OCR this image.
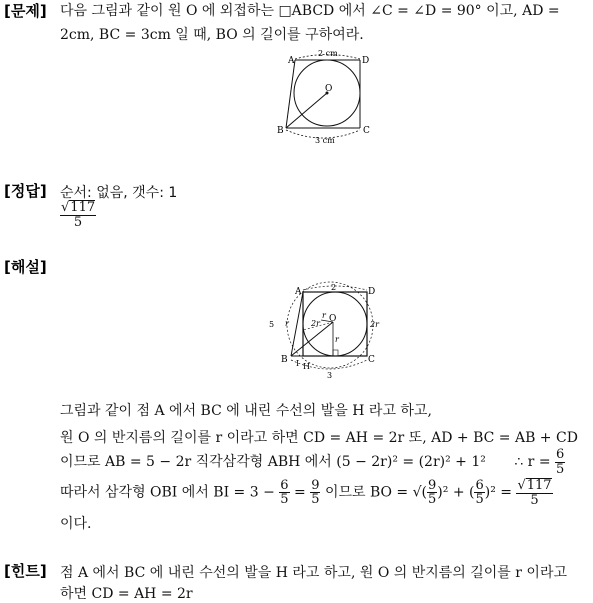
[문제] 다음 그림과 같이 원 O 에 외접하는 □ABCD 에서 ∠C = ∠D = 90° 이고, AD =
2cm, BC = 3cm 일 때, BO 의 길이를 구하여라.
A	D
B	C
O
2 cm
3 cm
[정답] 순서: 없음, 갯수: 1
$\frac{√117}{5}$
[해설]
A	D
B	C
O
H
I
2
3
5	2r	2r
r
r
r
그림과 같이 점 A 에서 BC 에 내린 수선의 발을 H 라고 하고,
원 O 의 반지름의 길이를 r 이라고 하면 CD = AH = 2r 또, AD + BC = AB + CD
이므로 AB = 5 − 2r 직각삼각형 ABH 에서 (5 − 2r)² = (2r)² + 1² ∴ $r = \frac{6}{5}$
따라서 삼각형 OBI 에서 BI = $3 - \frac{6}{5} = \frac{9}{5}$ 이므로 BO = √( $\frac{9}{5} )^2$ + ( $\frac{6}{5} )^2 = \frac{√117}{5}$
이다.
[힌트] 점 A 에서 BC 에 내린 수선의 발을 H 라고 하고, 원 O 의 반지름의 길이를 r 이라고
하면 CD = AH = 2r
